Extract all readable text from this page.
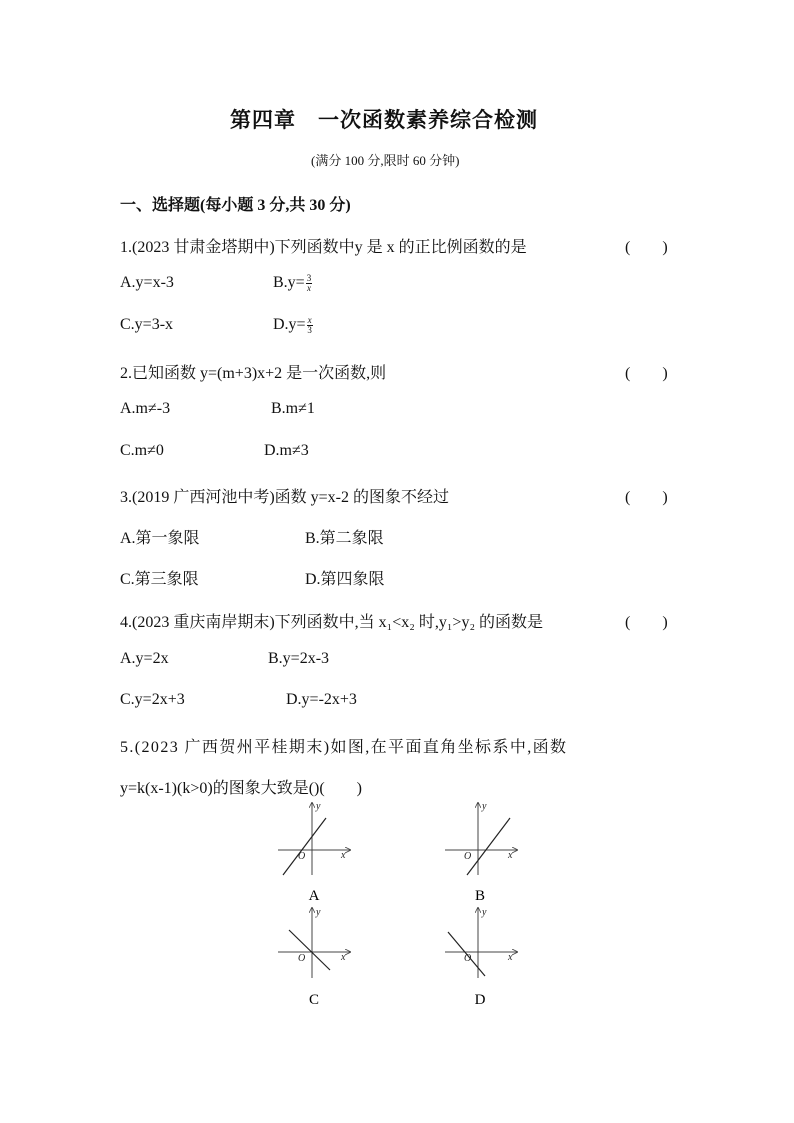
第四章　一次函数素养综合检测
(满分 100 分,限时 60 分钟)
一、选择题(每小题 3 分,共 30 分)
1.(2023 甘肃金塔期中)下列函数中y 是 x 的正比例函数的是	(　　)
A.y=x-3	$B.y= \frac{3}{x}$
C.y=3-x	$D.y= \frac{x}{3}$
2.已知函数 y=(m+3)x+2 是一次函数,则	(　　)
A.m≠-3	B.m≠1
C.m≠0	D.m≠3
3.(2019 广西河池中考)函数 y=x-2 的图象不经过	(　　)
A.第一象限	B.第二象限
C.第三象限	D.第四象限
4.(2023 重庆南岸期末)下列函数中,当 x₁<x₂ 时,y₁>y₂ 的函数是	(　　)
A.y=2x	B.y=2x-3
C.y=2x+3	D.y=-2x+3
5.(2023 广西贺州平桂期末)如图,在平面直角坐标系中,函数
y=k(x-1)(k>0)的图象大致是()(　　)
x
y
O
A
x
y
O
B
x
y
O
C
x
y
O
D
